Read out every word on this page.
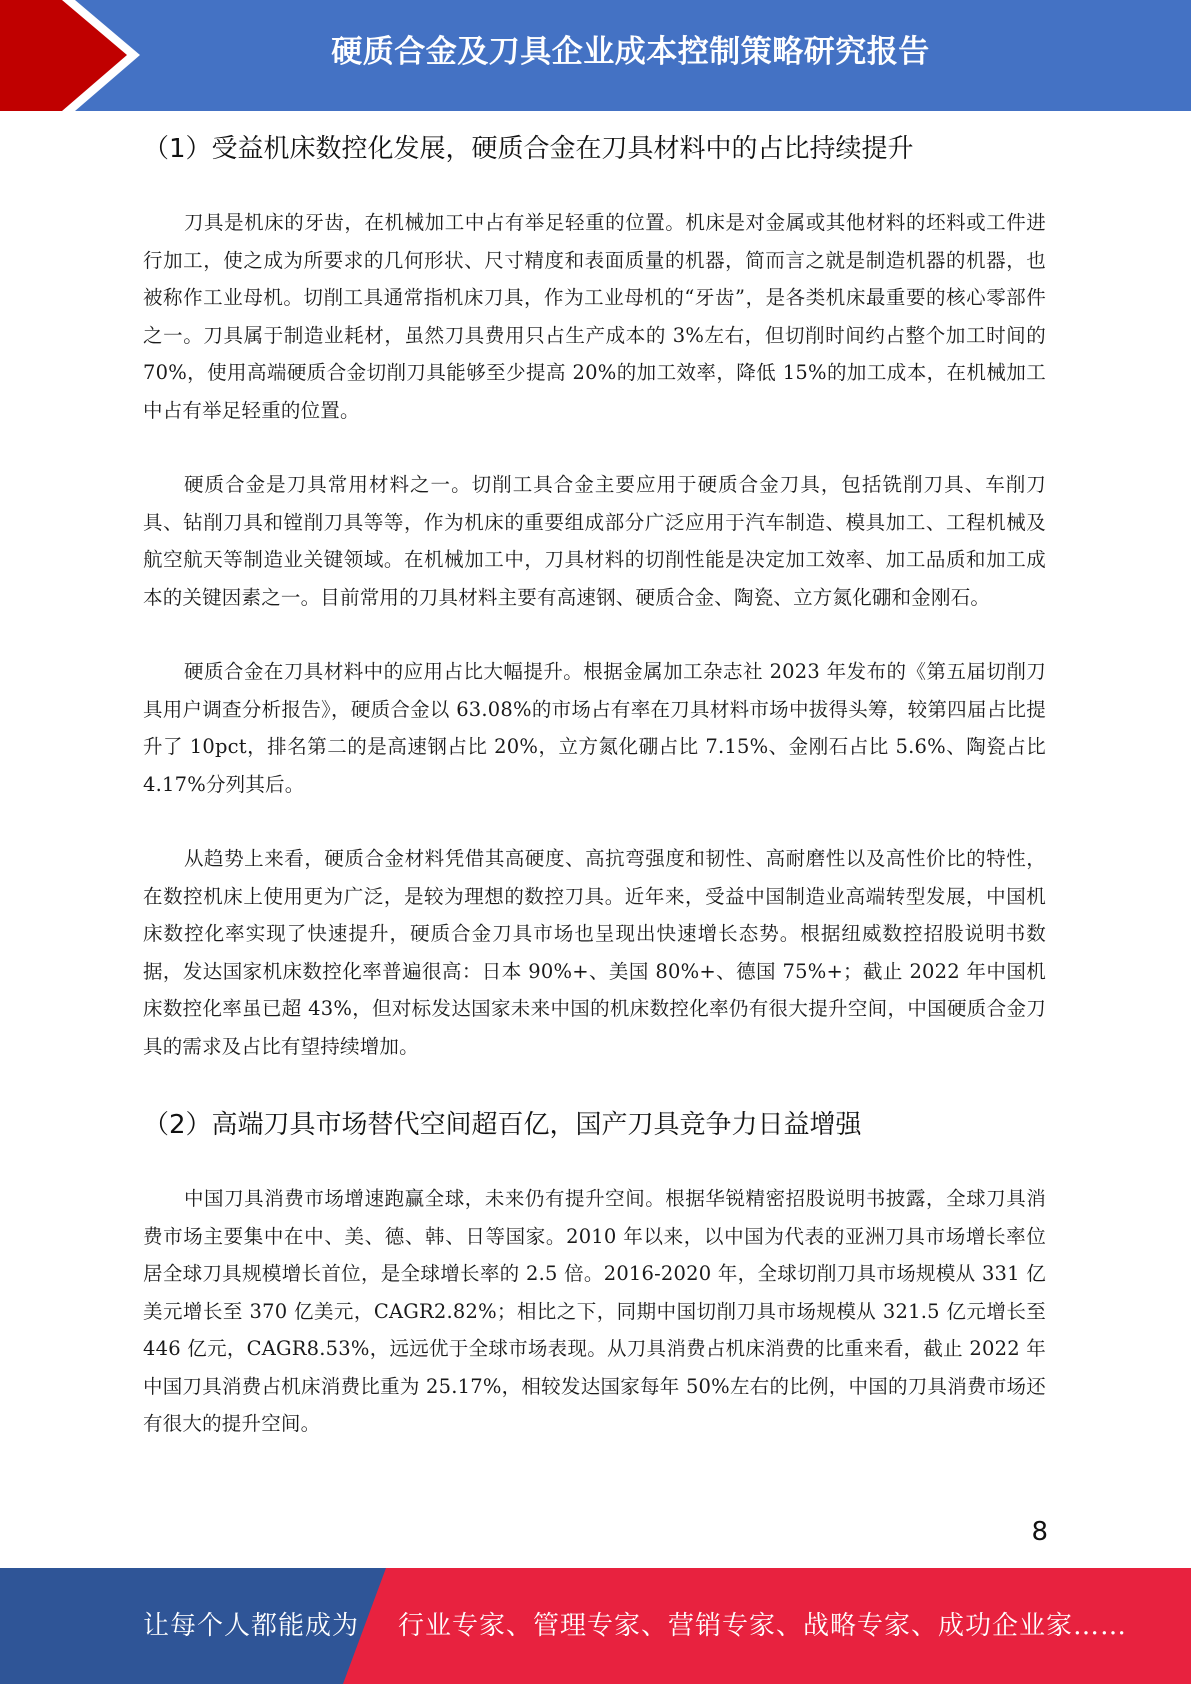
硬质合金及刀具企业成本控制策略研究报告
（1）受益机床数控化发展，硬质合金在刀具材料中的占比持续提升

刀具是机床的牙齿，在机械加工中占有举足轻重的位置。机床是对金属或其他材料的坯料或工件进行加工，使之成为所要求的几何形状、尺寸精度和表面质量的机器，简而言之就是制造机器的机器，也被称作工业母机。切削工具通常指机床刀具，作为工业母机的“牙齿”，是各类机床最重要的核心零部件之一。刀具属于制造业耗材，虽然刀具费用只占生产成本的 3%左右，但切削时间约占整个加工时间的 70%，使用高端硬质合金切削刀具能够至少提高 20%的加工效率，降低 15%的加工成本，在机械加工中占有举足轻重的位置。

硬质合金是刀具常用材料之一。切削工具合金主要应用于硬质合金刀具，包括铣削刀具、车削刀具、钻削刀具和镗削刀具等等，作为机床的重要组成部分广泛应用于汽车制造、模具加工、工程机械及航空航天等制造业关键领域。在机械加工中，刀具材料的切削性能是决定加工效率、加工品质和加工成本的关键因素之一。目前常用的刀具材料主要有高速钢、硬质合金、陶瓷、立方氮化硼和金刚石。

硬质合金在刀具材料中的应用占比大幅提升。根据金属加工杂志社 2023 年发布的《第五届切削刀具用户调查分析报告》，硬质合金以 63.08%的市场占有率在刀具材料市场中拔得头筹，较第四届占比提升了 10pct，排名第二的是高速钢占比 20%，立方氮化硼占比 7.15%、金刚石占比 5.6%、陶瓷占比 4.17%分列其后。

从趋势上来看，硬质合金材料凭借其高硬度、高抗弯强度和韧性、高耐磨性以及高性价比的特性，在数控机床上使用更为广泛，是较为理想的数控刀具。近年来，受益中国制造业高端转型发展，中国机床数控化率实现了快速提升，硬质合金刀具市场也呈现出快速增长态势。根据纽威数控招股说明书数据，发达国家机床数控化率普遍很高：日本 90%+、美国 80%+、德国 75%+；截止 2022 年中国机床数控化率虽已超 43%，但对标发达国家未来中国的机床数控化率仍有很大提升空间，中国硬质合金刀具的需求及占比有望持续增加。

（2）高端刀具市场替代空间超百亿，国产刀具竞争力日益增强

中国刀具消费市场增速跑赢全球，未来仍有提升空间。根据华锐精密招股说明书披露，全球刀具消费市场主要集中在中、美、德、韩、日等国家。2010 年以来，以中国为代表的亚洲刀具市场增长率位居全球刀具规模增长首位，是全球增长率的 2.5 倍。2016-2020 年，全球切削刀具市场规模从 331 亿美元增长至 370 亿美元，CAGR2.82%；相比之下，同期中国切削刀具市场规模从 321.5 亿元增长至 446 亿元，CAGR8.53%，远远优于全球市场表现。从刀具消费占机床消费的比重来看，截止 2022 年中国刀具消费占机床消费比重为 25.17%，相较发达国家每年 50%左右的比例，中国的刀具消费市场还有很大的提升空间。

8
让每个人都能成为 行业专家、管理专家、营销专家、战略专家、成功企业家……
